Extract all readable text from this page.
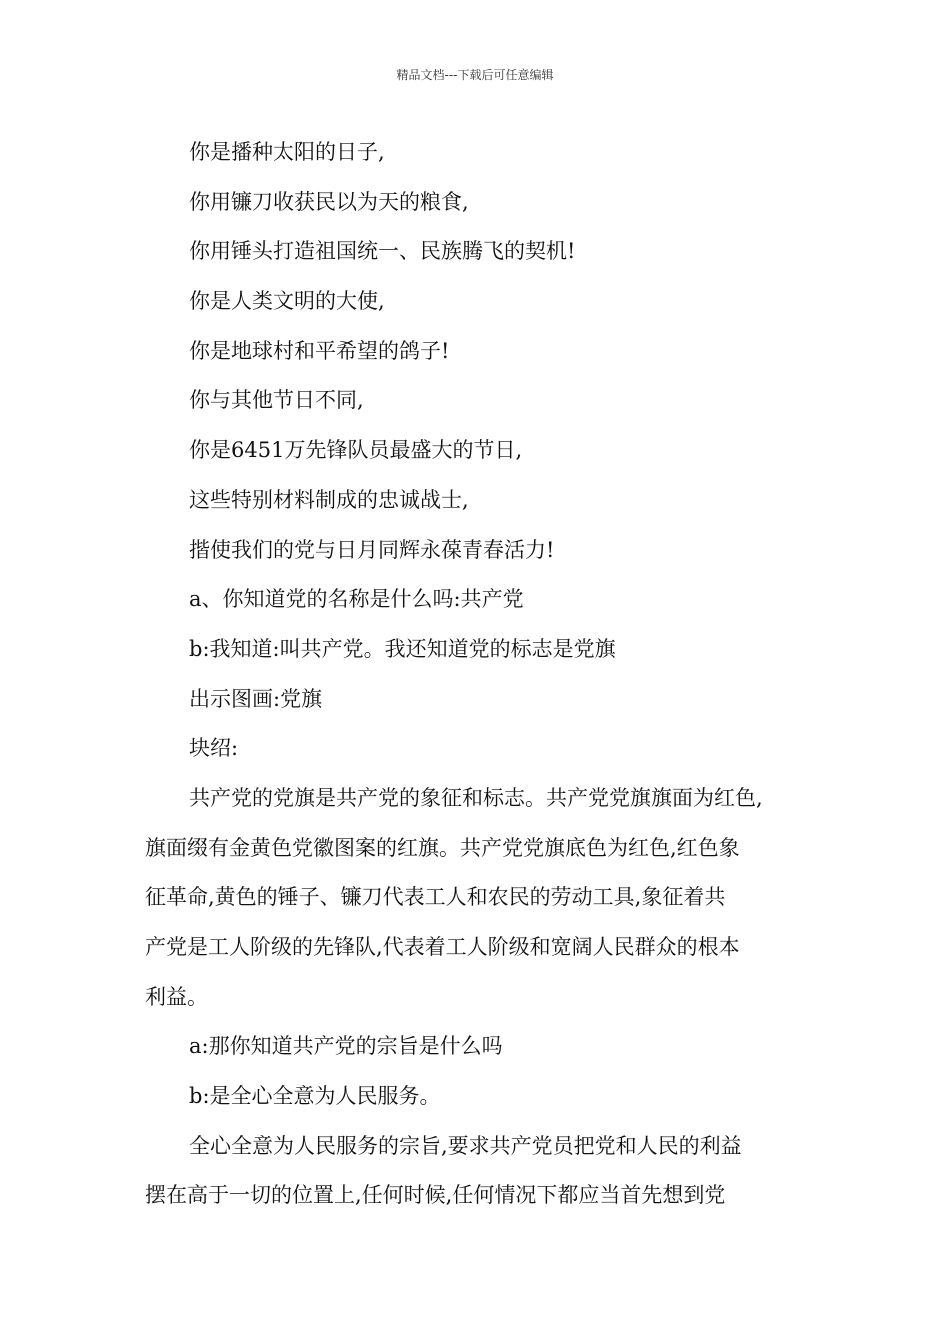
精品文档---下载后可任意编辑
你是播种太阳的日子,
你用镰刀收获民以为天的粮食,
你用锤头打造祖国统一、民族腾飞的契机!
你是人类文明的大使,
你是地球村和平希望的鸽子!
你与其他节日不同,
你是6451万先锋队员最盛大的节日,
这些特别材料制成的忠诚战士,
揩使我们的党与日月同辉永葆青春活力!
a、你知道党的名称是什么吗:共产党
b:我知道:叫共产党。我还知道党的标志是党旗
出示图画:党旗
块绍:
共产党的党旗是共产党的象征和标志。共产党党旗旗面为红色,
旗面缀有金黄色党徽图案的红旗。共产党党旗底色为红色,红色象
征革命,黄色的锤子、镰刀代表工人和农民的劳动工具,象征着共
产党是工人阶级的先锋队,代表着工人阶级和宽阔人民群众的根本
利益。
a:那你知道共产党的宗旨是什么吗
b:是全心全意为人民服务。
全心全意为人民服务的宗旨,要求共产党员把党和人民的利益
摆在高于一切的位置上,任何时候,任何情况下都应当首先想到党
